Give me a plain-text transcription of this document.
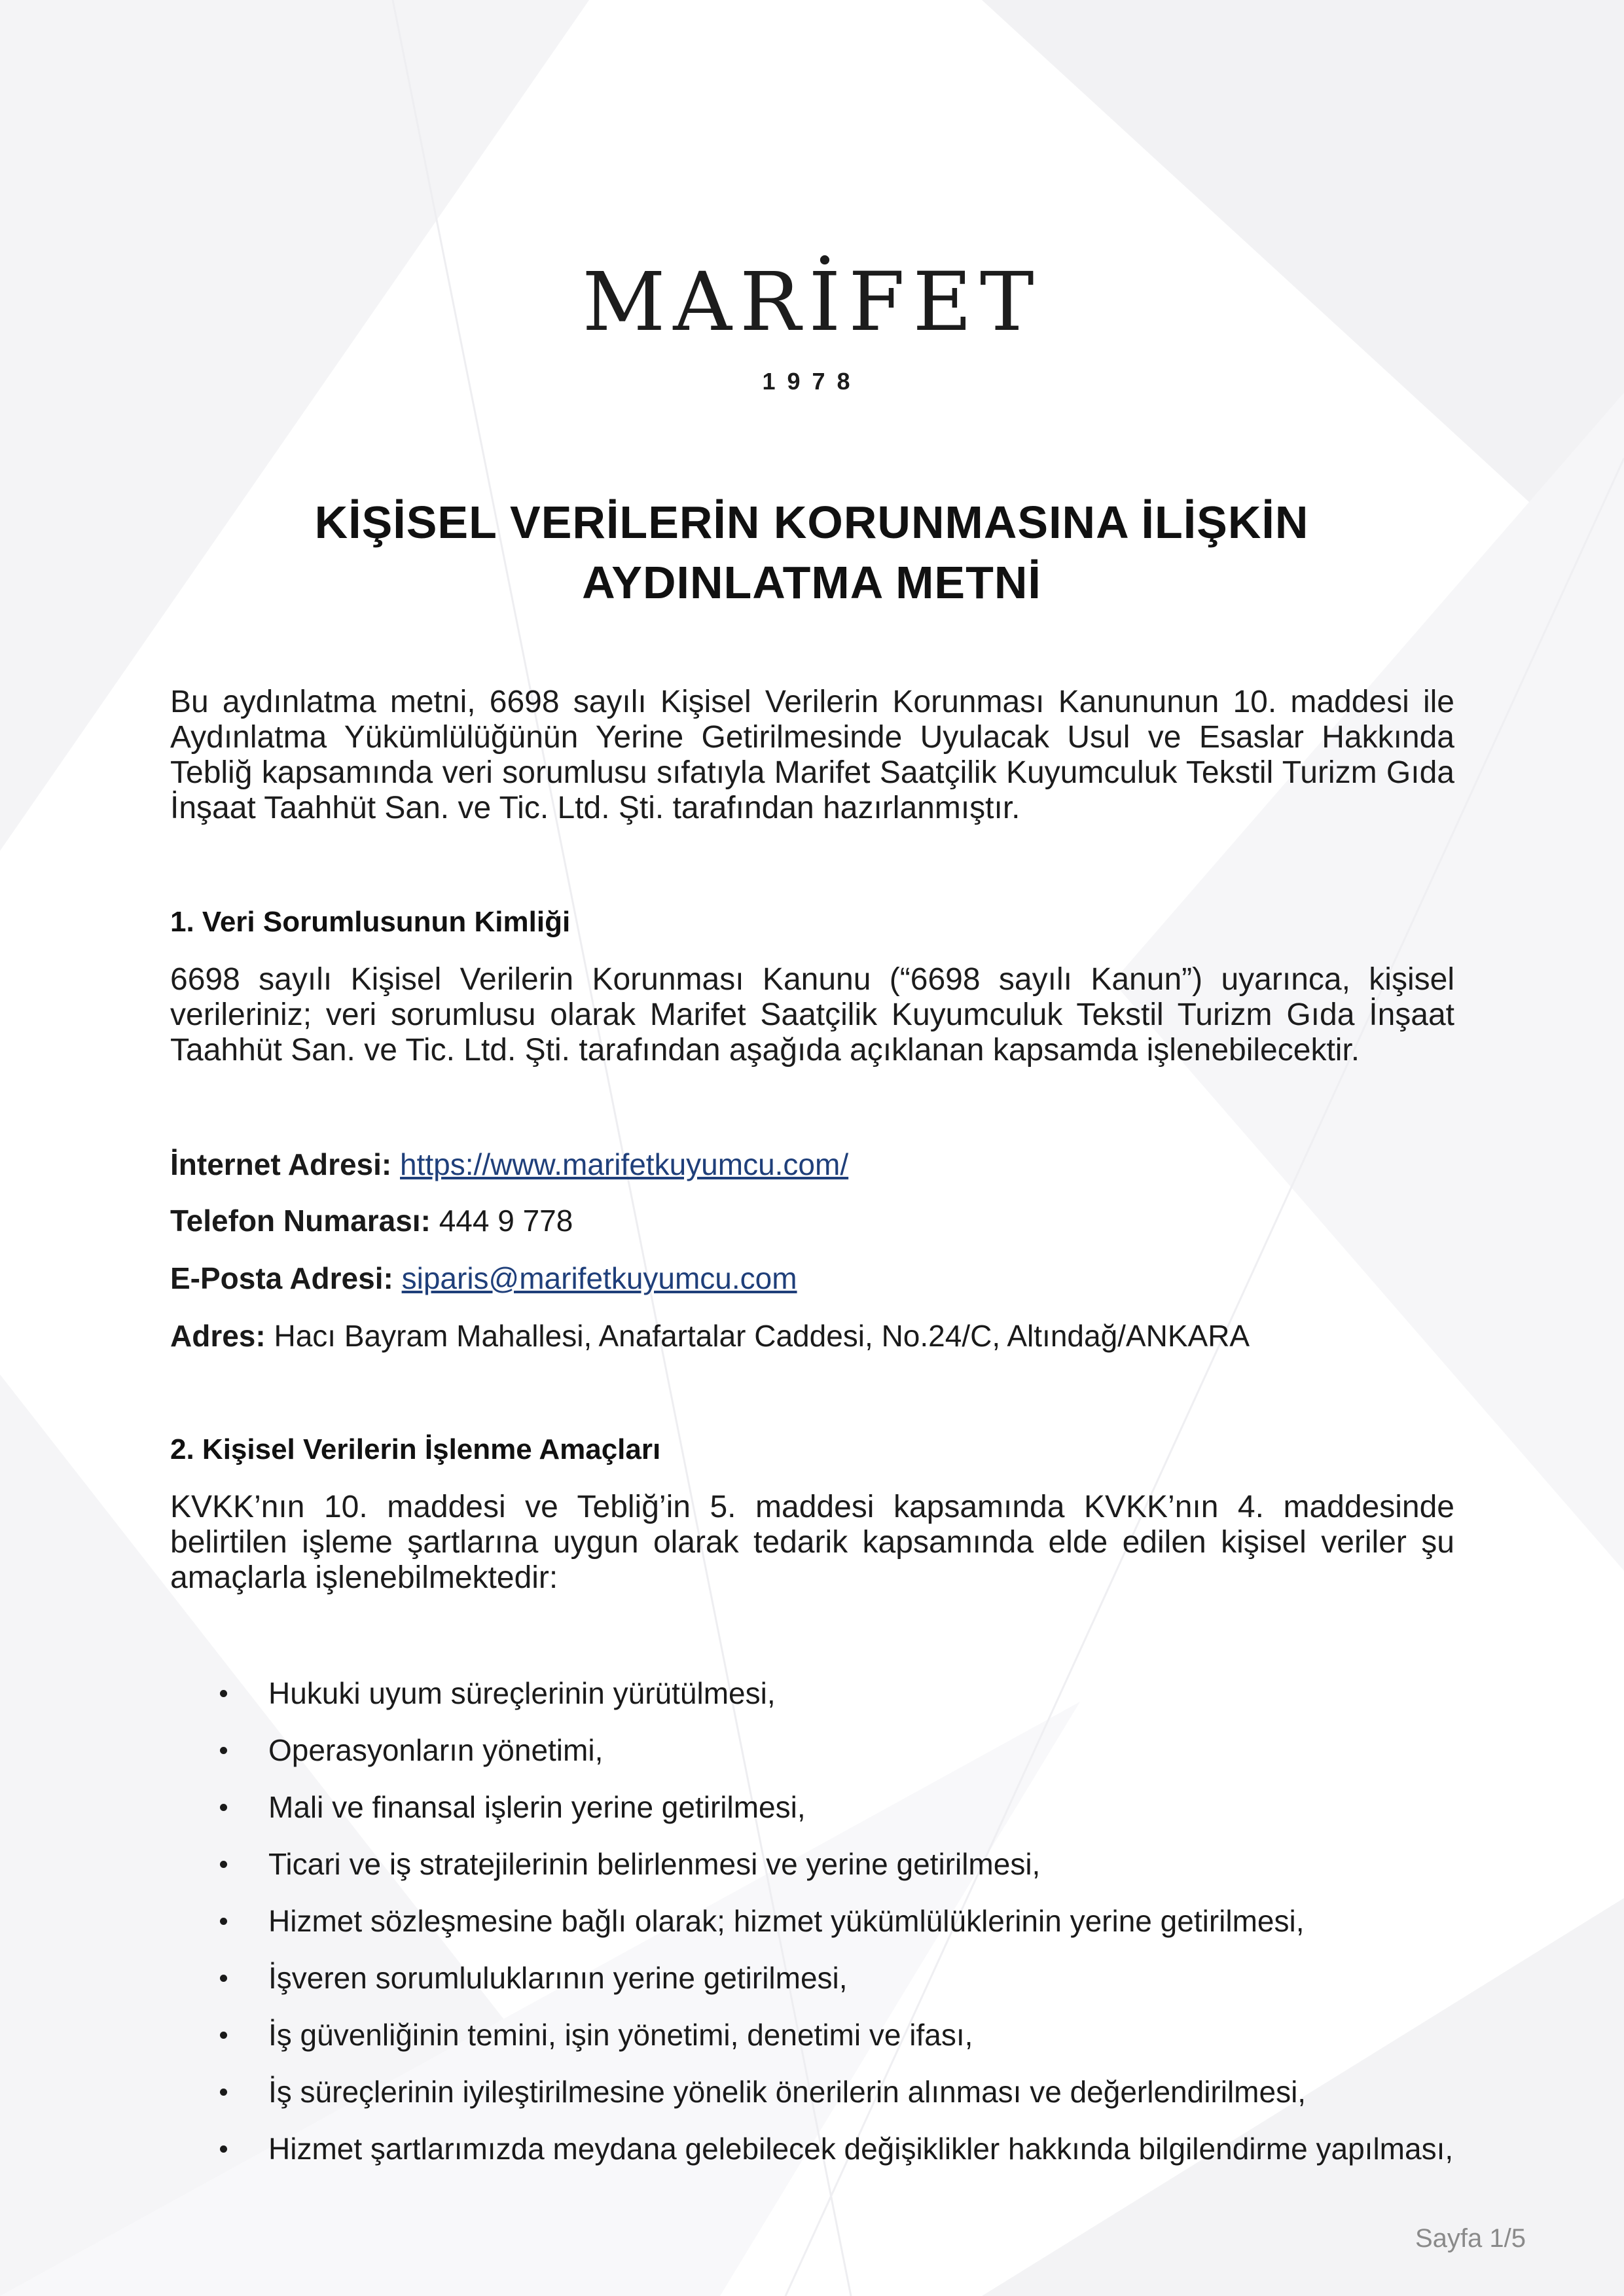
MARİFET
1978
KİŞİSEL VERİLERİN KORUNMASINA İLİŞKİN
AYDINLATMA METNİ

Bu aydınlatma metni, 6698 sayılı Kişisel Verilerin Korunması Kanununun 10. maddesi ile Aydınlatma Yükümlülüğünün Yerine Getirilmesinde Uyulacak Usul ve Esaslar Hakkında Tebliğ kapsamında veri sorumlusu sıfatıyla Marifet Saatçilik Kuyumculuk Tekstil Turizm Gıda İnşaat Taahhüt San. ve Tic. Ltd. Şti. tarafından hazırlanmıştır.

1. Veri Sorumlusunun Kimliği

6698 sayılı Kişisel Verilerin Korunması Kanunu (“6698 sayılı Kanun”) uyarınca, kişisel verileriniz; veri sorumlusu olarak Marifet Saatçilik Kuyumculuk Tekstil Turizm Gıda İnşaat Taahhüt San. ve Tic. Ltd. Şti. tarafından aşağıda açıklanan kapsamda işlenebilecektir.

İnternet Adresi: https://www.marifetkuyumcu.com/

Telefon Numarası: 444 9 778

E-Posta Adresi: siparis@marifetkuyumcu.com

Adres: Hacı Bayram Mahallesi, Anafartalar Caddesi, No.24/C, Altındağ/ANKARA

2. Kişisel Verilerin İşlenme Amaçları

KVKK’nın 10. maddesi ve Tebliğ’in 5. maddesi kapsamında KVKK’nın 4. maddesinde belirtilen işleme şartlarına uygun olarak tedarik kapsamında elde edilen kişisel veriler şu amaçlarla işlenebilmektedir:

Hukuki uyum süreçlerinin yürütülmesi,
Operasyonların yönetimi,
Mali ve finansal işlerin yerine getirilmesi,
Ticari ve iş stratejilerinin belirlenmesi ve yerine getirilmesi,
Hizmet sözleşmesine bağlı olarak; hizmet yükümlülüklerinin yerine getirilmesi,
İşveren sorumluluklarının yerine getirilmesi,
İş güvenliğinin temini, işin yönetimi, denetimi ve ifası,
İş süreçlerinin iyileştirilmesine yönelik önerilerin alınması ve değerlendirilmesi,
Hizmet şartlarımızda meydana gelebilecek değişiklikler hakkında bilgilendirme yapılması,
Sayfa 1/5
